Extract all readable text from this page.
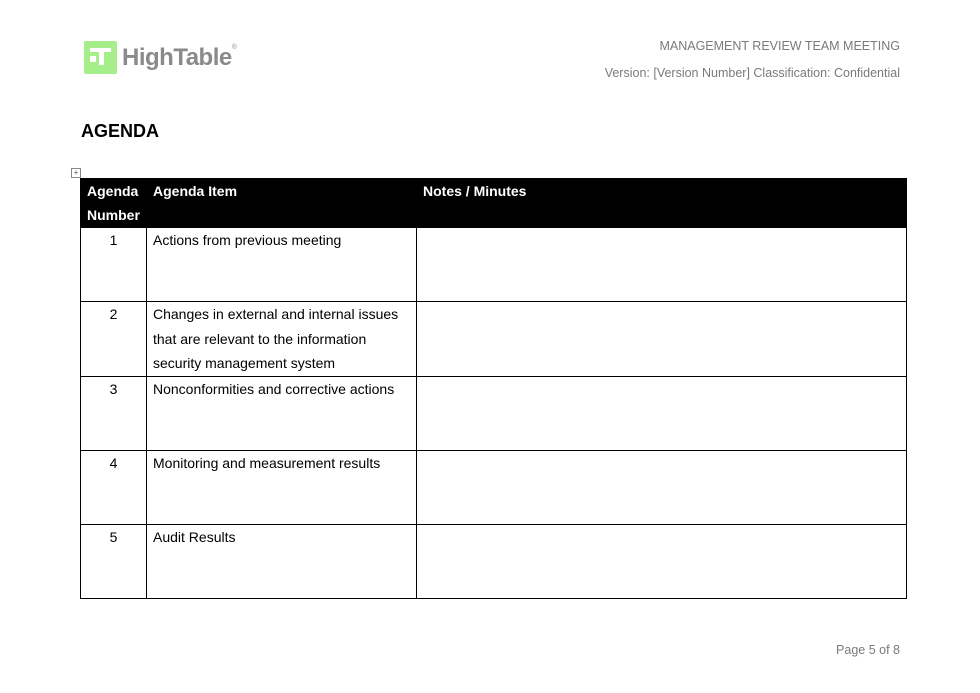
HighTable®	MANAGEMENT REVIEW TEAM MEETING
Version: [Version Number] Classification: Confidential
AGENDA
+
Agenda Number	Agenda Item	Notes / Minutes
1	Actions from previous meeting	
2	Changes in external and internal issues that are relevant to the information security management system	
3	Nonconformities and corrective actions	
4	Monitoring and measurement results	
5	Audit Results	
Page 5 of 8
